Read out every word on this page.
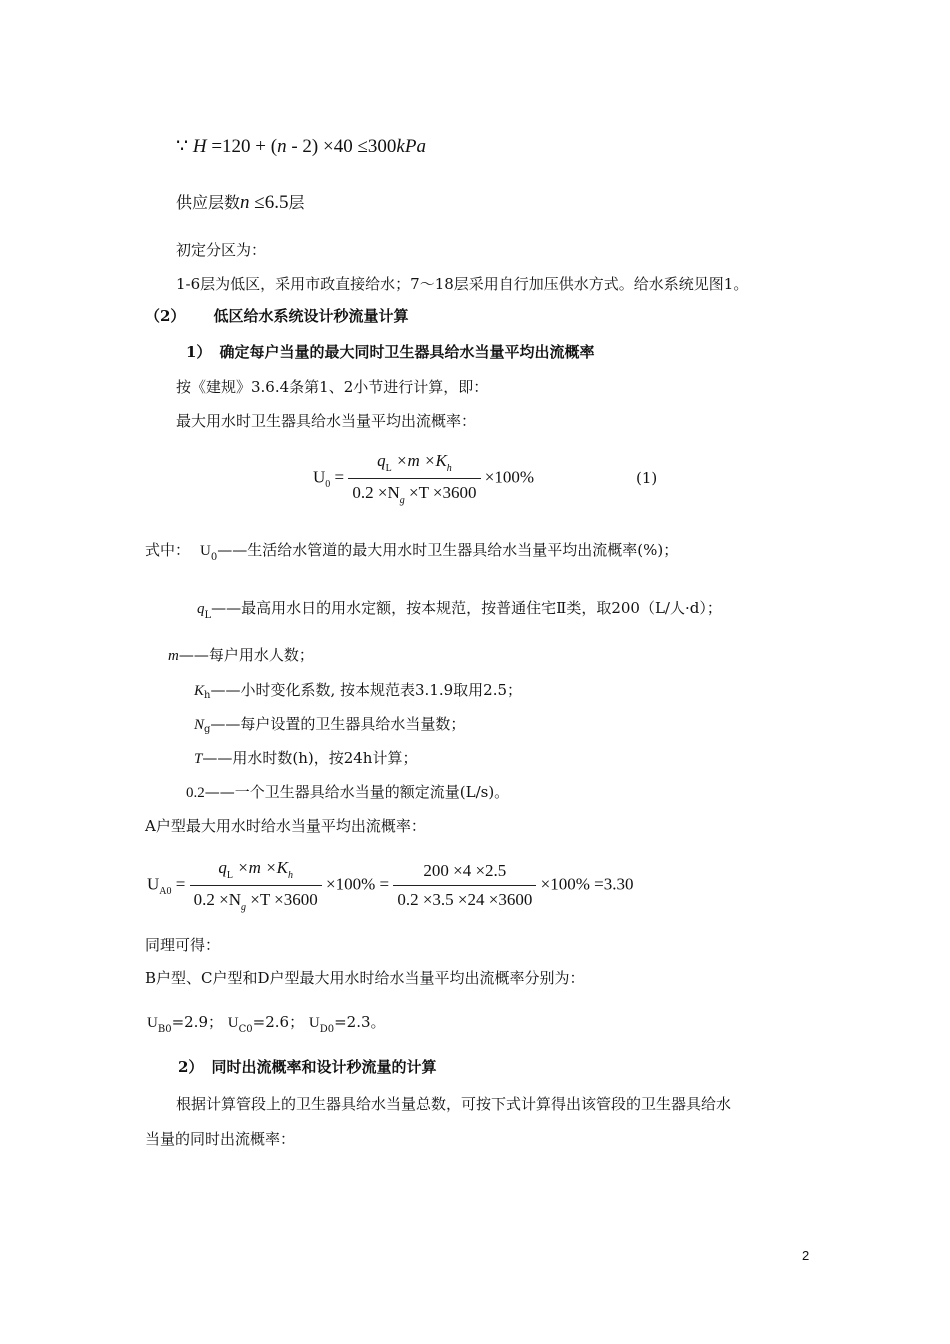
∵ H =120 + (n - 2) ×40 ≤300kPa
供应层数n ≤6.5层
初定分区为：
1-6层为低区，采用市政直接给水；7～18层采用自行加压供水方式。给水系统见图1。
（2） 低区给水系统设计秒流量计算
1） 确定每户当量的最大同时卫生器具给水当量平均出流概率
按《建规》3.6.4条第1、2小节进行计算，即：
最大用水时卫生器具给水当量平均出流概率：
$U_0 = \frac{q_L \times m \times K_h}{0.2 \times N_g \times T \times 3600} \times 100\%$	(1)
式中： $U_0——$生活给水管道的最大用水时卫生器具给水当量平均出流概率(%)；
$q_L——$最高用水日的用水定额，按本规范，按普通住宅Ⅱ类，取200（L/人·d）；
m——每户用水人数；
$K_h——$小时变化系数, 按本规范表3.1.9取用2.5；
$N_g——$每户设置的卫生器具给水当量数；
T——用水时数(h)，按24h计算；
0.2——一个卫生器具给水当量的额定流量(L/s)。
A户型最大用水时给水当量平均出流概率：
$U_{A0} = \frac{q_L \times m \times K_h}{0.2 \times N_g \times T \times 3600} \times 100\% = \frac{200 \times 4 \times 2.5}{0.2 \times 3.5 \times 24 \times 3600} \times 100\% =3.30$
同理可得：
B户型、C户型和D户型最大用水时给水当量平均出流概率分别为：
$U_{B0}=2.9$； $U_{C0}=2.6$； $U_{D0}=2.3$。
2） 同时出流概率和设计秒流量的计算
根据计算管段上的卫生器具给水当量总数，可按下式计算得出该管段的卫生器具给水
当量的同时出流概率：
2
